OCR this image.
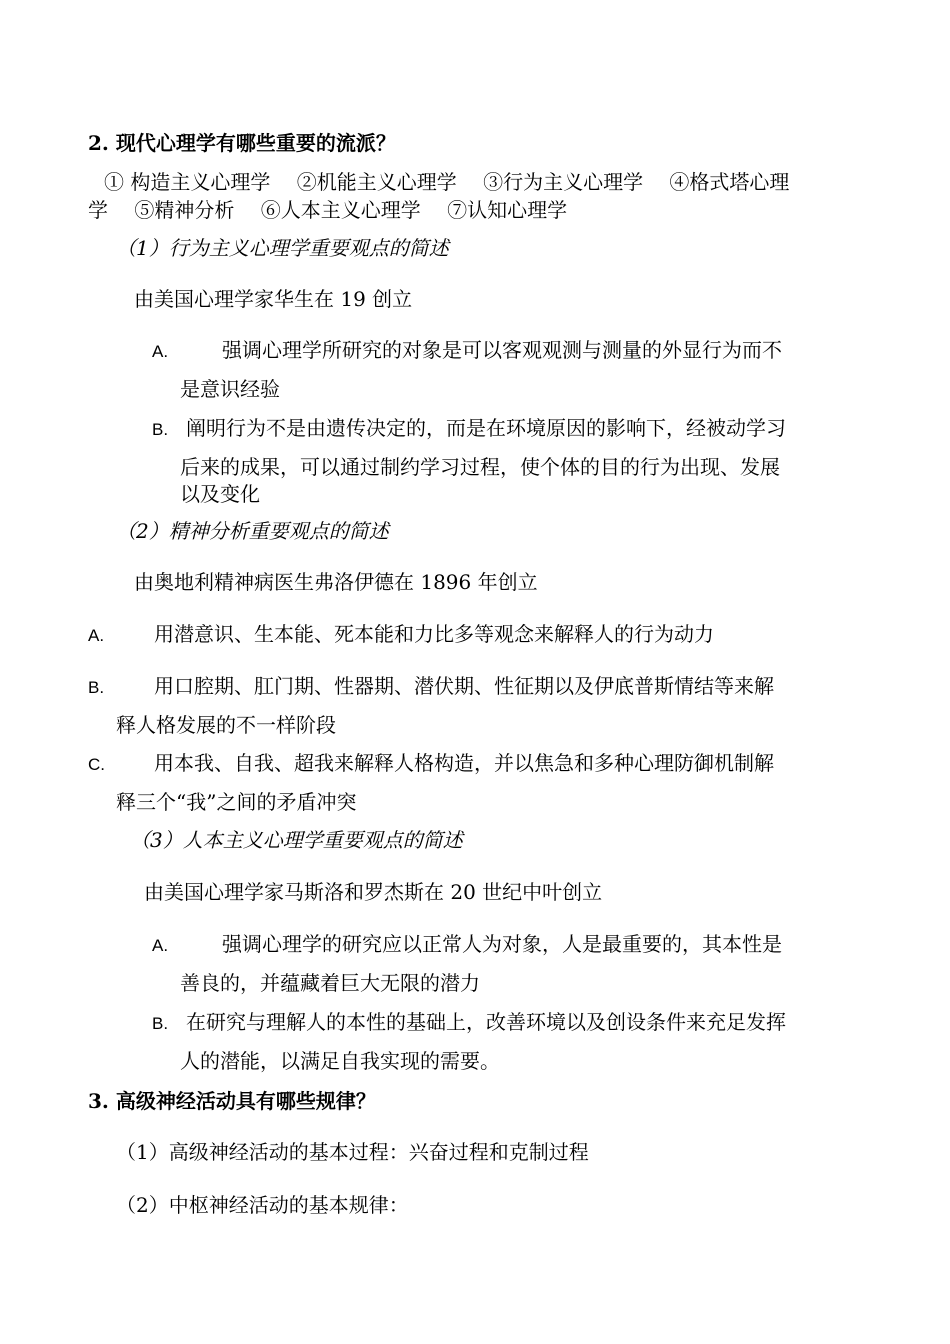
2. 现代心理学有哪些重要的流派？
① 构造主义心理学 　②机能主义心理学 　③行为主义心理学 　④格式塔心理
学 　⑤精神分析 　⑥人本主义心理学 　⑦认知心理学
（1）行为主义心理学重要观点的简述
由美国心理学家华生在 19 创立
A.	强调心理学所研究的对象是可以客观观测与测量的外显行为而不
是意识经验
B. 阐明行为不是由遗传决定的，而是在环境原因的影响下，经被动学习
后来的成果，可以通过制约学习过程，使个体的目的行为出现、发展
以及变化
（2）精神分析重要观点的简述
由奥地利精神病医生弗洛伊德在 1896 年创立
A. 用潜意识、生本能、死本能和力比多等观念来解释人的行为动力
B. 用口腔期、肛门期、性器期、潜伏期、性征期以及伊底普斯情结等来解
释人格发展的不一样阶段
C. 用本我、自我、超我来解释人格构造，并以焦急和多种心理防御机制解
释三个“我”之间的矛盾冲突
（3）人本主义心理学重要观点的简述
由美国心理学家马斯洛和罗杰斯在 20 世纪中叶创立
A.	强调心理学的研究应以正常人为对象，人是最重要的，其本性是
善良的，并蕴藏着巨大无限的潜力
B. 在研究与理解人的本性的基础上，改善环境以及创设条件来充足发挥
人的潜能，以满足自我实现的需要。
3. 高级神经活动具有哪些规律？
（1）高级神经活动的基本过程：兴奋过程和克制过程
（2）中枢神经活动的基本规律：
